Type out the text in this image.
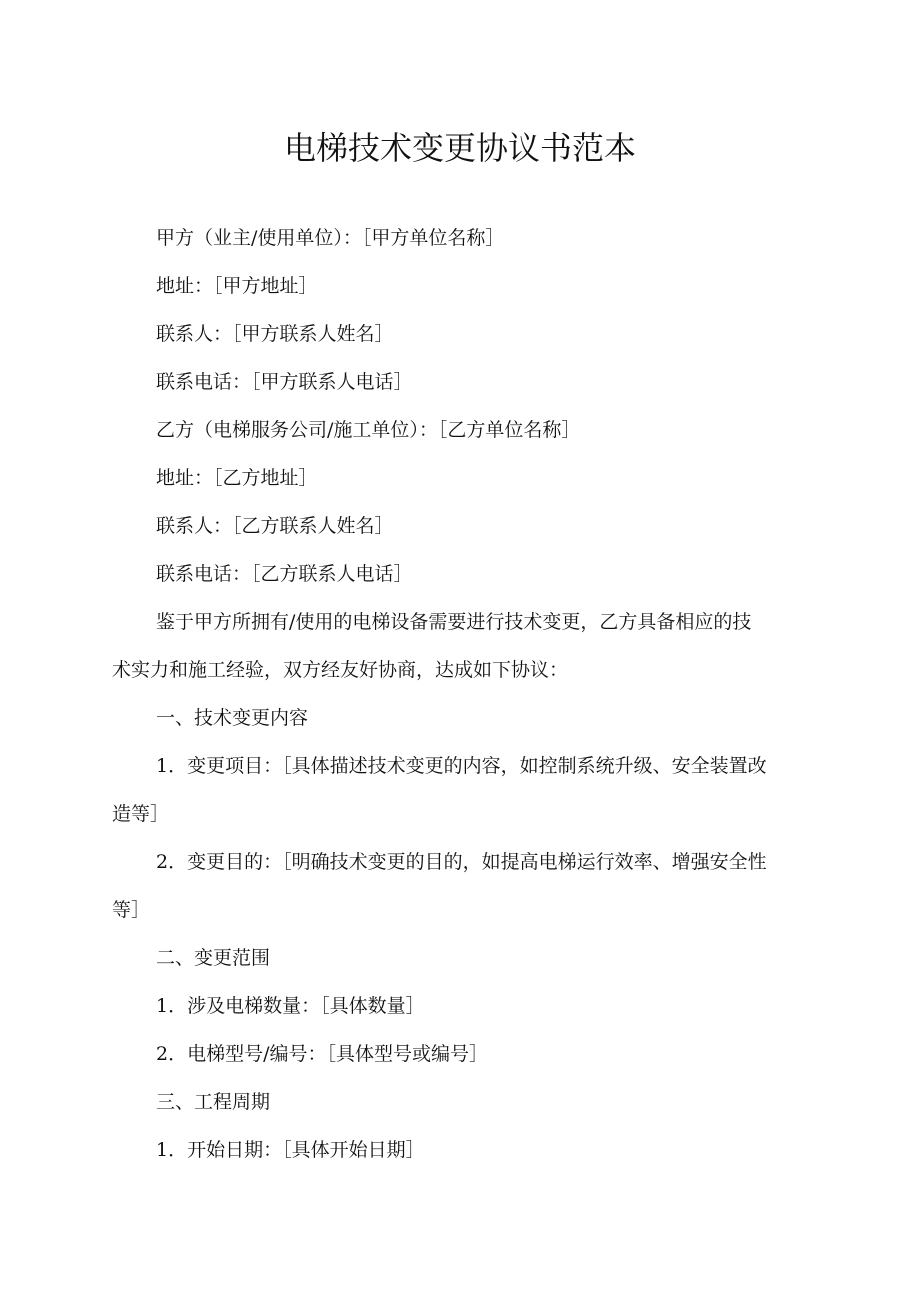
电梯技术变更协议书范本
甲方（业主/使用单位）：［甲方单位名称］
地址：［甲方地址］
联系人：［甲方联系人姓名］
联系电话：［甲方联系人电话］
乙方（电梯服务公司/施工单位）：［乙方单位名称］
地址：［乙方地址］
联系人：［乙方联系人姓名］
联系电话：［乙方联系人电话］
鉴于甲方所拥有/使用的电梯设备需要进行技术变更，乙方具备相应的技
术实力和施工经验，双方经友好协商，达成如下协议：
一、技术变更内容
1．变更项目：［具体描述技术变更的内容，如控制系统升级、安全装置改
造等］
2．变更目的：［明确技术变更的目的，如提高电梯运行效率、增强安全性
等］
二、变更范围
1．涉及电梯数量：［具体数量］
2．电梯型号/编号：［具体型号或编号］
三、工程周期
1．开始日期：［具体开始日期］
